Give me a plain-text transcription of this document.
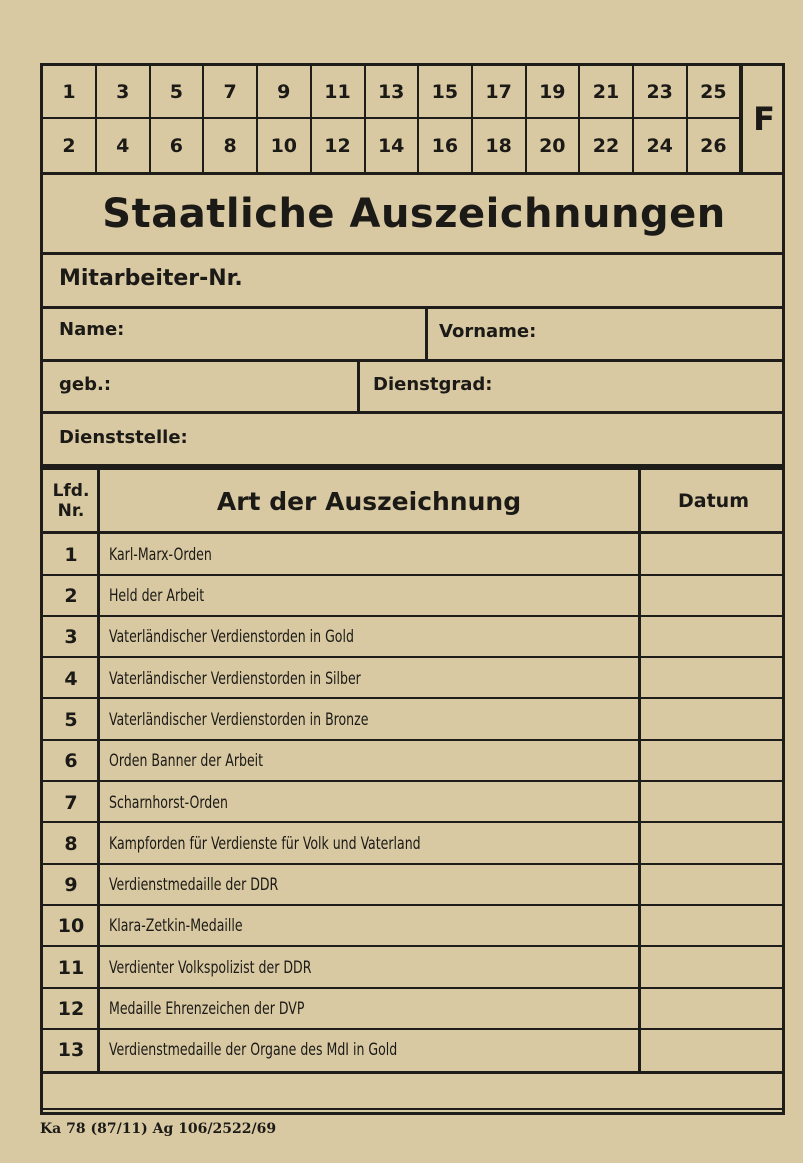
1	3	5	7	9	11	13	15	17	19	21	23	25
2	4	6	8	10	12	14	16	18	20	22	24	26
F
Staatliche Auszeichnungen
Mitarbeiter-Nr.
Name:	Vorname:
geb.:	Dienstgrad:
Dienststelle:
Lfd. Nr.	Art der Auszeichnung	Datum
1	Karl-Marx-Orden
2	Held der Arbeit
3	Vaterländischer Verdienstorden in Gold
4	Vaterländischer Verdienstorden in Silber
5	Vaterländischer Verdienstorden in Bronze
6	Orden Banner der Arbeit
7	Scharnhorst-Orden
8	Kampforden für Verdienste für Volk und Vaterland
9	Verdienstmedaille der DDR
10	Klara-Zetkin-Medaille
11	Verdienter Volkspolizist der DDR
12	Medaille Ehrenzeichen der DVP
13	Verdienstmedaille der Organe des MdI in Gold
Ka 78 (87/11) Ag 106/2522/69
